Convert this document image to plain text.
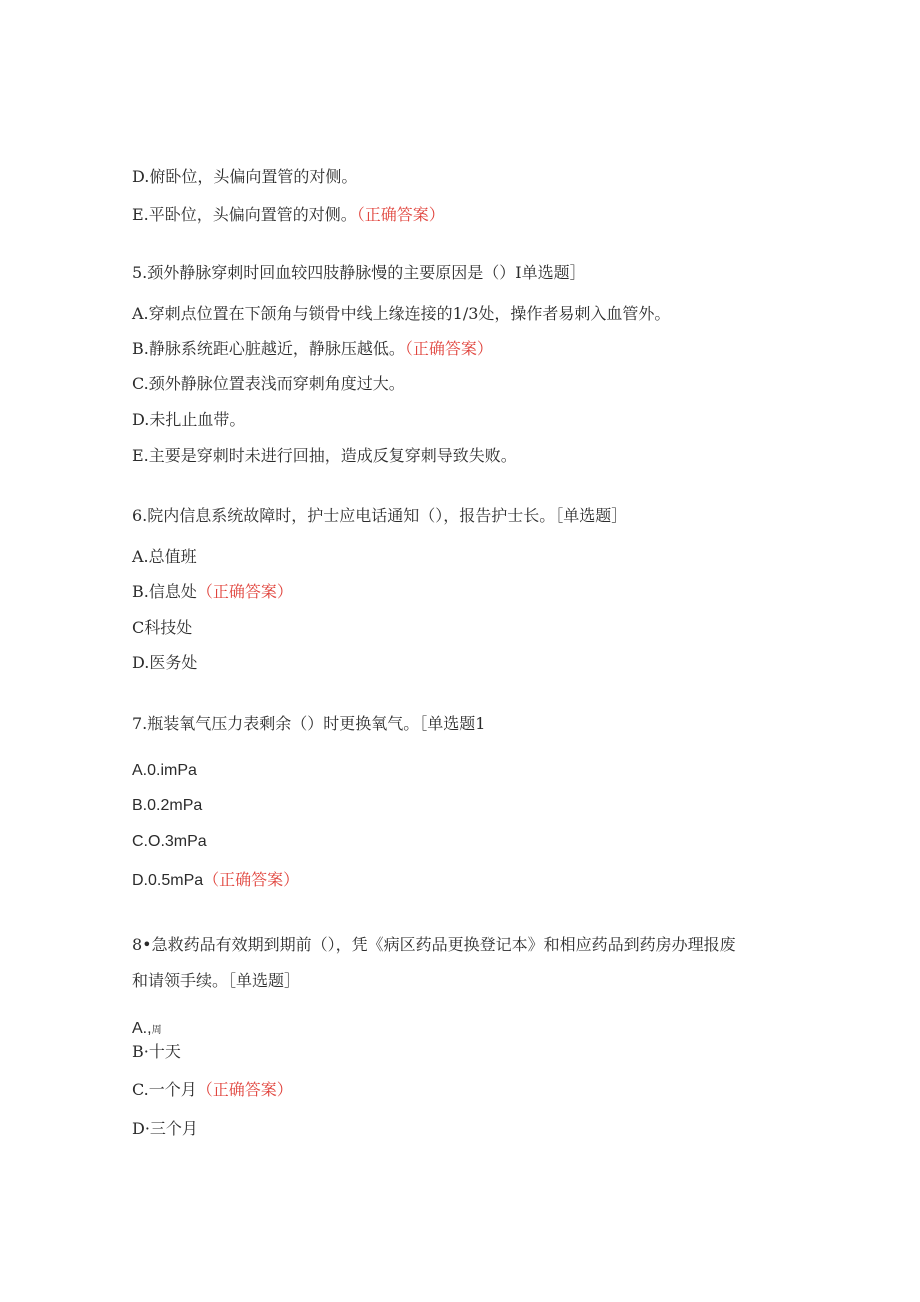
D.俯卧位，头偏向置管的对侧。
E.平卧位，头偏向置管的对侧。（正确答案）
5.颈外静脉穿刺时回血较四肢静脉慢的主要原因是（）I单选题］
A.穿刺点位置在下颌角与锁骨中线上缘连接的1/3处，操作者易刺入血管外。
B.静脉系统距心脏越近，静脉压越低。（正确答案）
C.颈外静脉位置表浅而穿刺角度过大。
D.未扎止血带。
E.主要是穿刺时未进行回抽，造成反复穿刺导致失败。
6.院内信息系统故障时，护士应电话通知（），报告护士长。［单选题］
A.总值班
B.信息处（正确答案）
C科技处
D.医务处
7.瓶装氧气压力表剩余（）时更换氧气。［单选题1
A.0.imPa
B.0.2mPa
C.O.3mPa
D.0.5mPa（正确答案）
8•急救药品有效期到期前（），凭《病区药品更换登记本》和相应药品到药房办理报废
和请领手续。［单选题］
A.,周
B·十天
C.一个月（正确答案）
D·三个月
